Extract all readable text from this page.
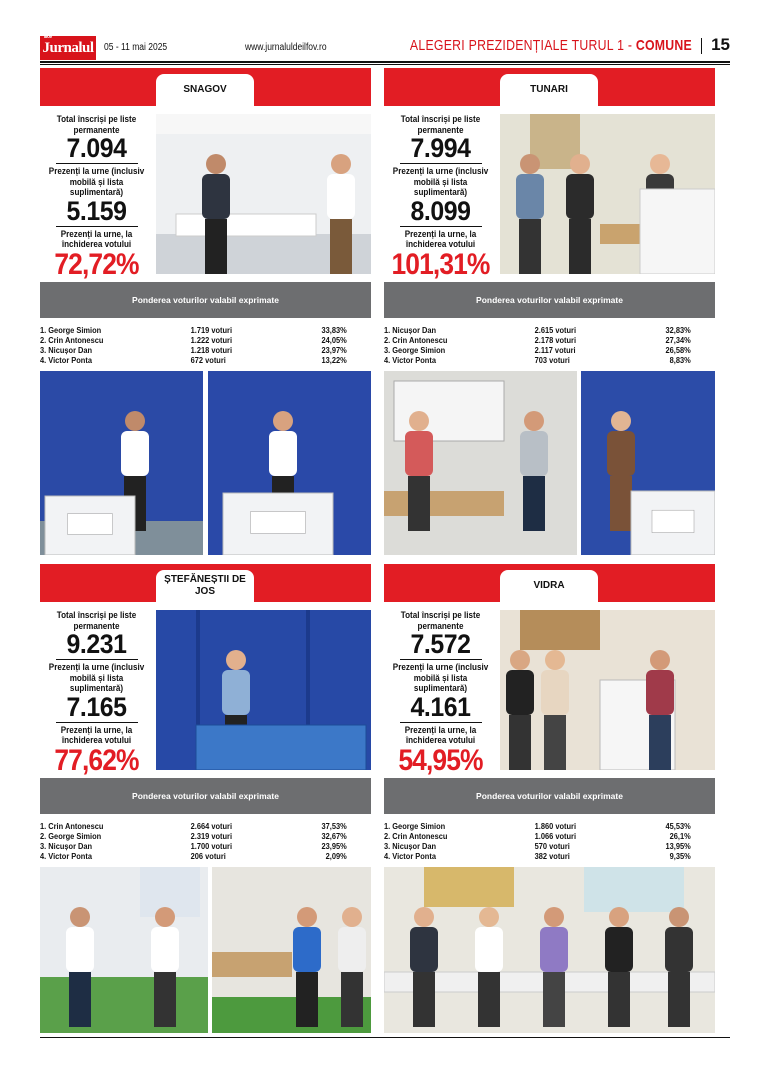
Ilfov
Jurnalul 05 - 11 mai 2025	www.jurnaluldeilfov.ro	ALEGERI PREZIDENȚIALE TURUL 1 - COMUNE 15
SNAGOV
Total înscriși pe liste permanente
7.094
Prezenți la urne (inclusiv mobilă și lista suplimentară)
5.159
Prezenți la urne, la închiderea votului
72,72%
Ponderea voturilor valabil exprimate
1. George Simion	1.719 voturi	33,83%
2. Crin Antonescu	1.222 voturi	24,05%
3. Nicușor Dan	1.218 voturi	23,97%
4. Victor Ponta	672 voturi	13,22%
TUNARI
Total înscriși pe liste permanente
7.994
Prezenți la urne (inclusiv mobilă și lista suplimentară)
8.099
Prezenți la urne, la închiderea votului
101,31%
Ponderea voturilor valabil exprimate
1. Nicușor Dan	2.615 voturi	32,83%
2. Crin Antonescu	2.178 voturi	27,34%
3. George Simion	2.117 voturi	26,58%
4. Victor Ponta	703 voturi	8,83%
ȘTEFĂNEȘTII DE JOS
Total înscriși pe liste permanente
9.231
Prezenți la urne (inclusiv mobilă și lista suplimentară)
7.165
Prezenți la urne, la închiderea votului
77,62%
Ponderea voturilor valabil exprimate
1. Crin Antonescu	2.664 voturi	37,53%
2. George Simion	2.319 voturi	32,67%
3. Nicușor Dan	1.700 voturi	23,95%
4. Victor Ponta	206 voturi	2,09%
VIDRA
Total înscriși pe liste permanente
7.572
Prezenți la urne (inclusiv mobilă și lista suplimentară)
4.161
Prezenți la urne, la închiderea votului
54,95%
Ponderea voturilor valabil exprimate
1. George Simion	1.860 voturi	45,53%
2. Crin Antonescu	1.066 voturi	26,1%
3. Nicușor Dan	570 voturi	13,95%
4. Victor Ponta	382 voturi	9,35%
